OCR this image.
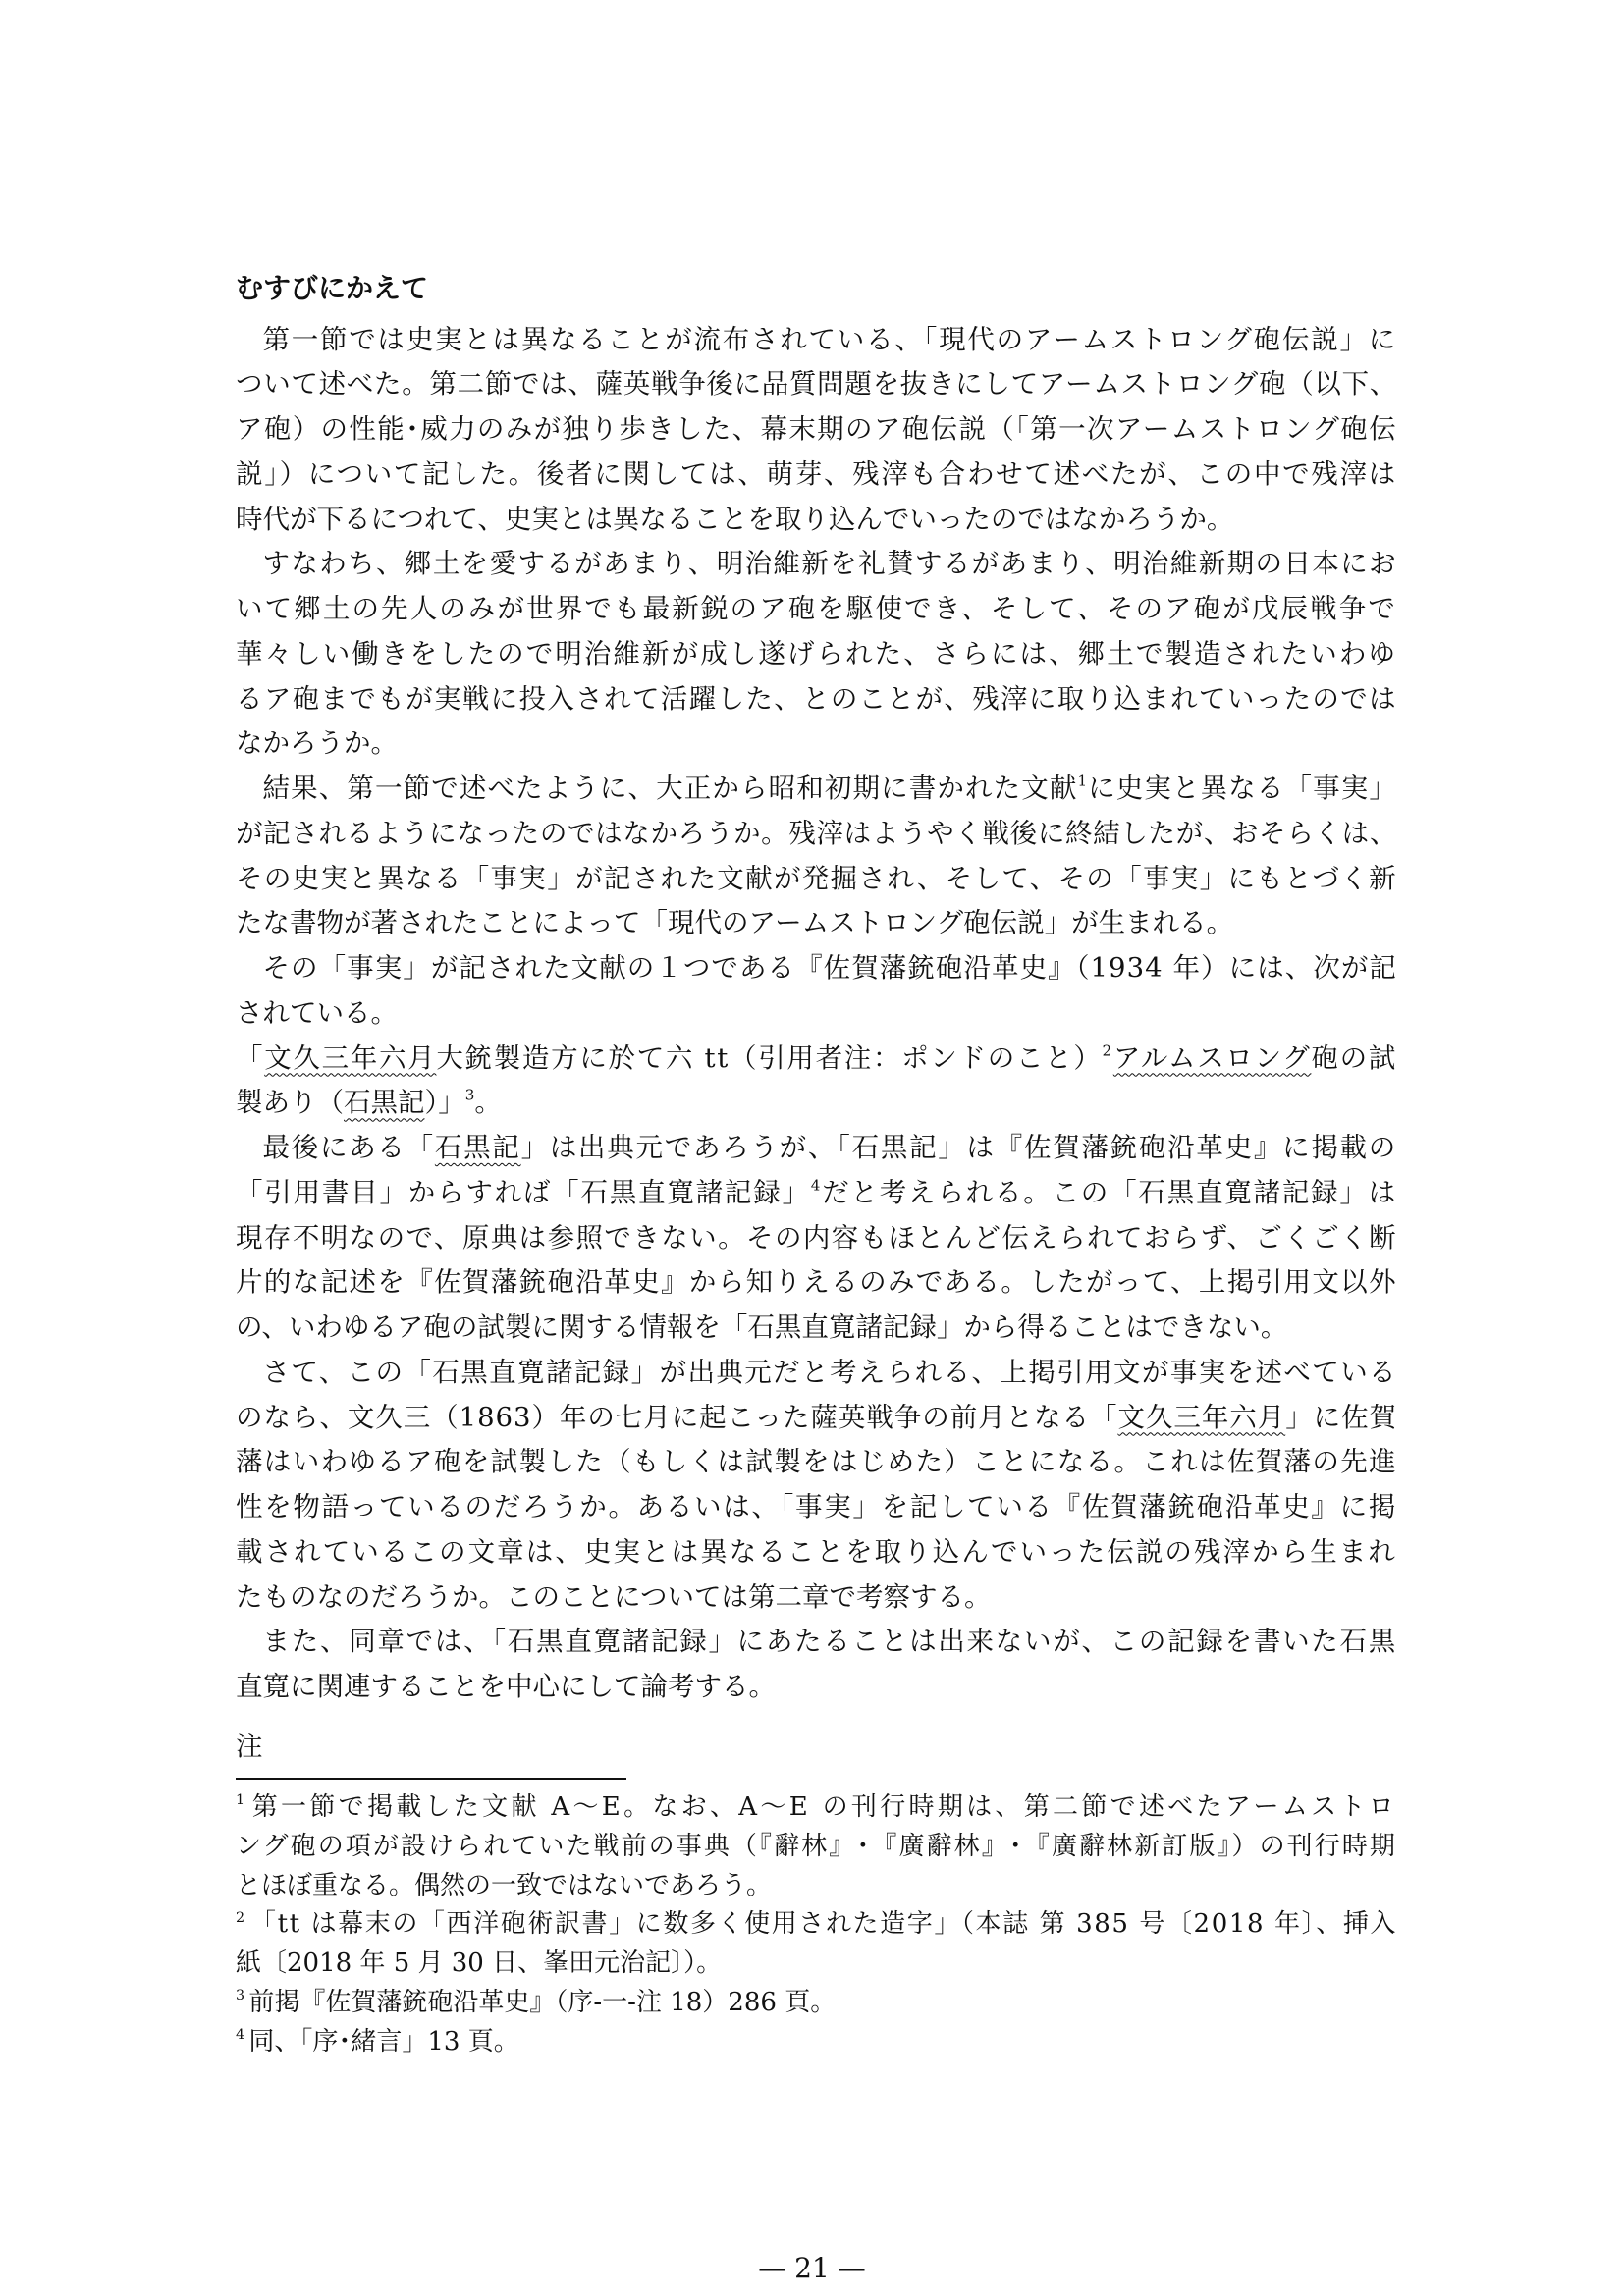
むすびにかえて
第一節では史実とは異なることが流布されている、「現代のアームストロング砲伝説」に
ついて述べた。第二節では、薩英戦争後に品質問題を抜きにしてアームストロング砲（以下、
ア砲）の性能･威力のみが独り歩きした、幕末期のア砲伝説（「第一次アームストロング砲伝
説」）について記した。後者に関しては、萌芽、残滓も合わせて述べたが、この中で残滓は
時代が下るにつれて、史実とは異なることを取り込んでいったのではなかろうか。
すなわち、郷土を愛するがあまり、明治維新を礼賛するがあまり、明治維新期の日本にお
いて郷土の先人のみが世界でも最新鋭のア砲を駆使でき、そして、そのア砲が戊辰戦争で
華々しい働きをしたので明治維新が成し遂げられた、さらには、郷土で製造されたいわゆ
るア砲までもが実戦に投入されて活躍した、とのことが、残滓に取り込まれていったのでは
なかろうか。
結果、第一節で述べたように、大正から昭和初期に書かれた文献$^1$に史実と異なる「事実」
が記されるようになったのではなかろうか。残滓はようやく戦後に終結したが、おそらくは、
その史実と異なる「事実」が記された文献が発掘され、そして、その「事実」にもとづく新
たな書物が著されたことによって「現代のアームストロング砲伝説」が生まれる。
その「事実」が記された文献の１つである『佐賀藩銃砲沿革史』（1934 年）には、次が記
されている。
「文久三年六月大銃製造方に於て六 tt（引用者注：ポンドのこと）$^2$アルムスロング砲の試
製あり（石黒記）」$^3$。
最後にある「石黒記」は出典元であろうが、「石黒記」は『佐賀藩銃砲沿革史』に掲載の
「引用書目」からすれば「石黒直寛諸記録」$^4$だと考えられる。この「石黒直寛諸記録」は
現存不明なので、原典は参照できない。その内容もほとんど伝えられておらず、ごくごく断
片的な記述を『佐賀藩銃砲沿革史』から知りえるのみである。したがって、上掲引用文以外
の、いわゆるア砲の試製に関する情報を「石黒直寛諸記録」から得ることはできない。
さて、この「石黒直寛諸記録」が出典元だと考えられる、上掲引用文が事実を述べている
のなら、文久三（1863）年の七月に起こった薩英戦争の前月となる「文久三年六月」に佐賀
藩はいわゆるア砲を試製した（もしくは試製をはじめた）ことになる。これは佐賀藩の先進
性を物語っているのだろうか。あるいは、「事実」を記している『佐賀藩銃砲沿革史』に掲
載されているこの文章は、史実とは異なることを取り込んでいった伝説の残滓から生まれ
たものなのだろうか。このことについては第二章で考察する。
また、同章では、「石黒直寛諸記録」にあたることは出来ないが、この記録を書いた石黒
直寛に関連することを中心にして論考する。
注
$^1$ 第一節で掲載した文献 A～E。なお、A～E の刊行時期は、第二節で述べたアームストロ
ング砲の項が設けられていた戦前の事典（『辭林』･『廣辭林』･『廣辭林新訂版』）の刊行時期
とほぼ重なる。偶然の一致ではないであろう。
$^2$ 「tt は幕末の「西洋砲術訳書」に数多く使用された造字」（本誌 第 385 号〔2018 年〕、挿入
紙〔2018 年 5 月 30 日、峯田元治記〕）。
$^3$ 前掲『佐賀藩銃砲沿革史』（序-一-注 18）286 頁。
$^4$ 同、「序･緒言」13 頁。
— 21 —
